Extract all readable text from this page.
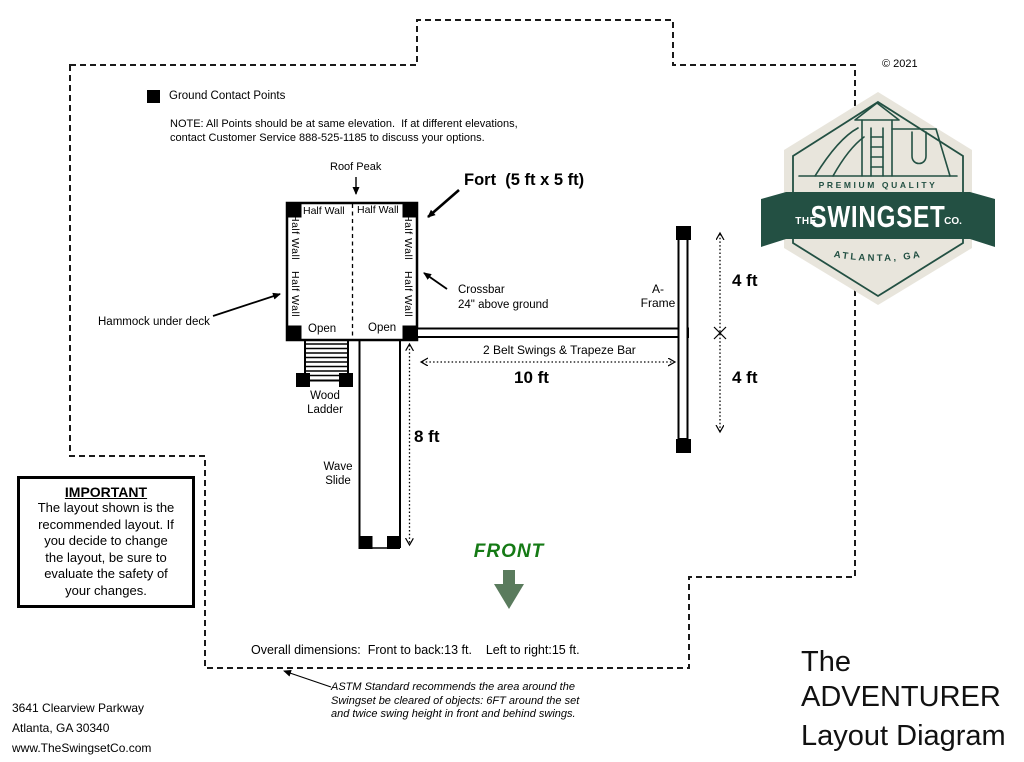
PREMIUM QUALITY
THE
SWINGSET
CO.
ATLANTA, GA
© 2021
Ground Contact Points
NOTE: All Points should be at same elevation.  If at different elevations,
contact Customer Service 888-525-1185 to discuss your options.
Roof Peak
Fort  (5 ft x 5 ft)
Half Wall Half Wall
Half Wall
Half Wall
Half Wall
Half Wall
Open	Open
Hammock under deck
Crossbar
24" above ground
2 Belt Swings & Trapeze Bar
10 ft
8 ft
A-
Frame
4 ft
4 ft
Wood
Ladder
Wave
Slide
FRONT
Overall dimensions:  Front to back:13 ft.    Left to right:15 ft.
ASTM Standard recommends the area around the
Swingset be cleared of objects: 6FT around the set
and twice swing height in front and behind swings.
IMPORTANT
The layout shown is the
recommended layout. If
you decide to change
the layout, be sure to
evaluate the safety of
your changes.
3641 Clearview Parkway
Atlanta, GA 30340
www.TheSwingsetCo.com
The
ADVENTURER
Layout Diagram
